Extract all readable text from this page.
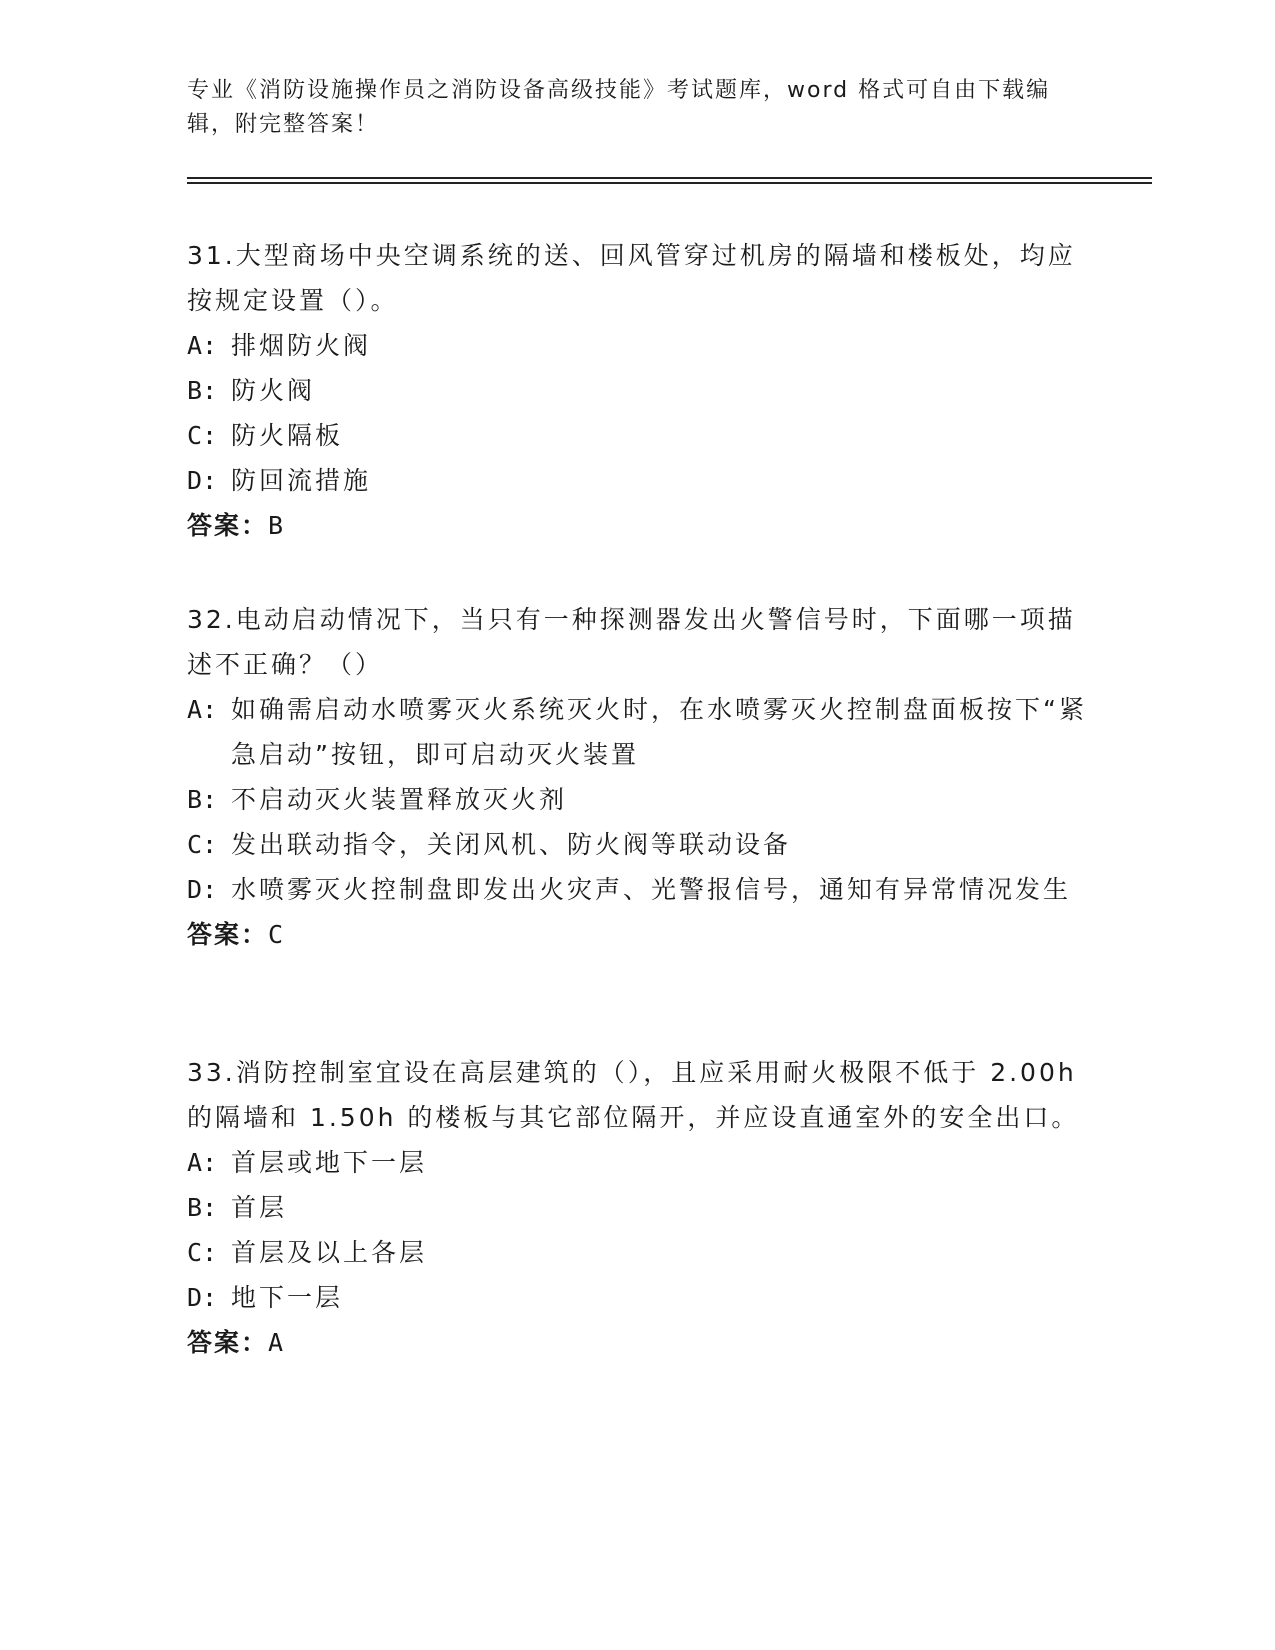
专业《消防设施操作员之消防设备高级技能》考试题库，word 格式可自由下载编辑，附完整答案！

31.大型商场中央空调系统的送、回风管穿过机房的隔墙和楼板处，均应按规定设置（）。

A: 排烟防火阀
B: 防火阀
C: 防火隔板
D: 防回流措施

答案：B

32.电动启动情况下，当只有一种探测器发出火警信号时，下面哪一项描述不正确？（）

A: 如确需启动水喷雾灭火系统灭火时，在水喷雾灭火控制盘面板按下“紧急启动”按钮，即可启动灭火装置
B: 不启动灭火装置释放灭火剂
C: 发出联动指令，关闭风机、防火阀等联动设备
D: 水喷雾灭火控制盘即发出火灾声、光警报信号，通知有异常情况发生

答案：C

33.消防控制室宜设在高层建筑的（），且应采用耐火极限不低于 2.00h 的隔墙和 1.50h 的楼板与其它部位隔开，并应设直通室外的安全出口。

A: 首层或地下一层
B: 首层
C: 首层及以上各层
D: 地下一层

答案：A
